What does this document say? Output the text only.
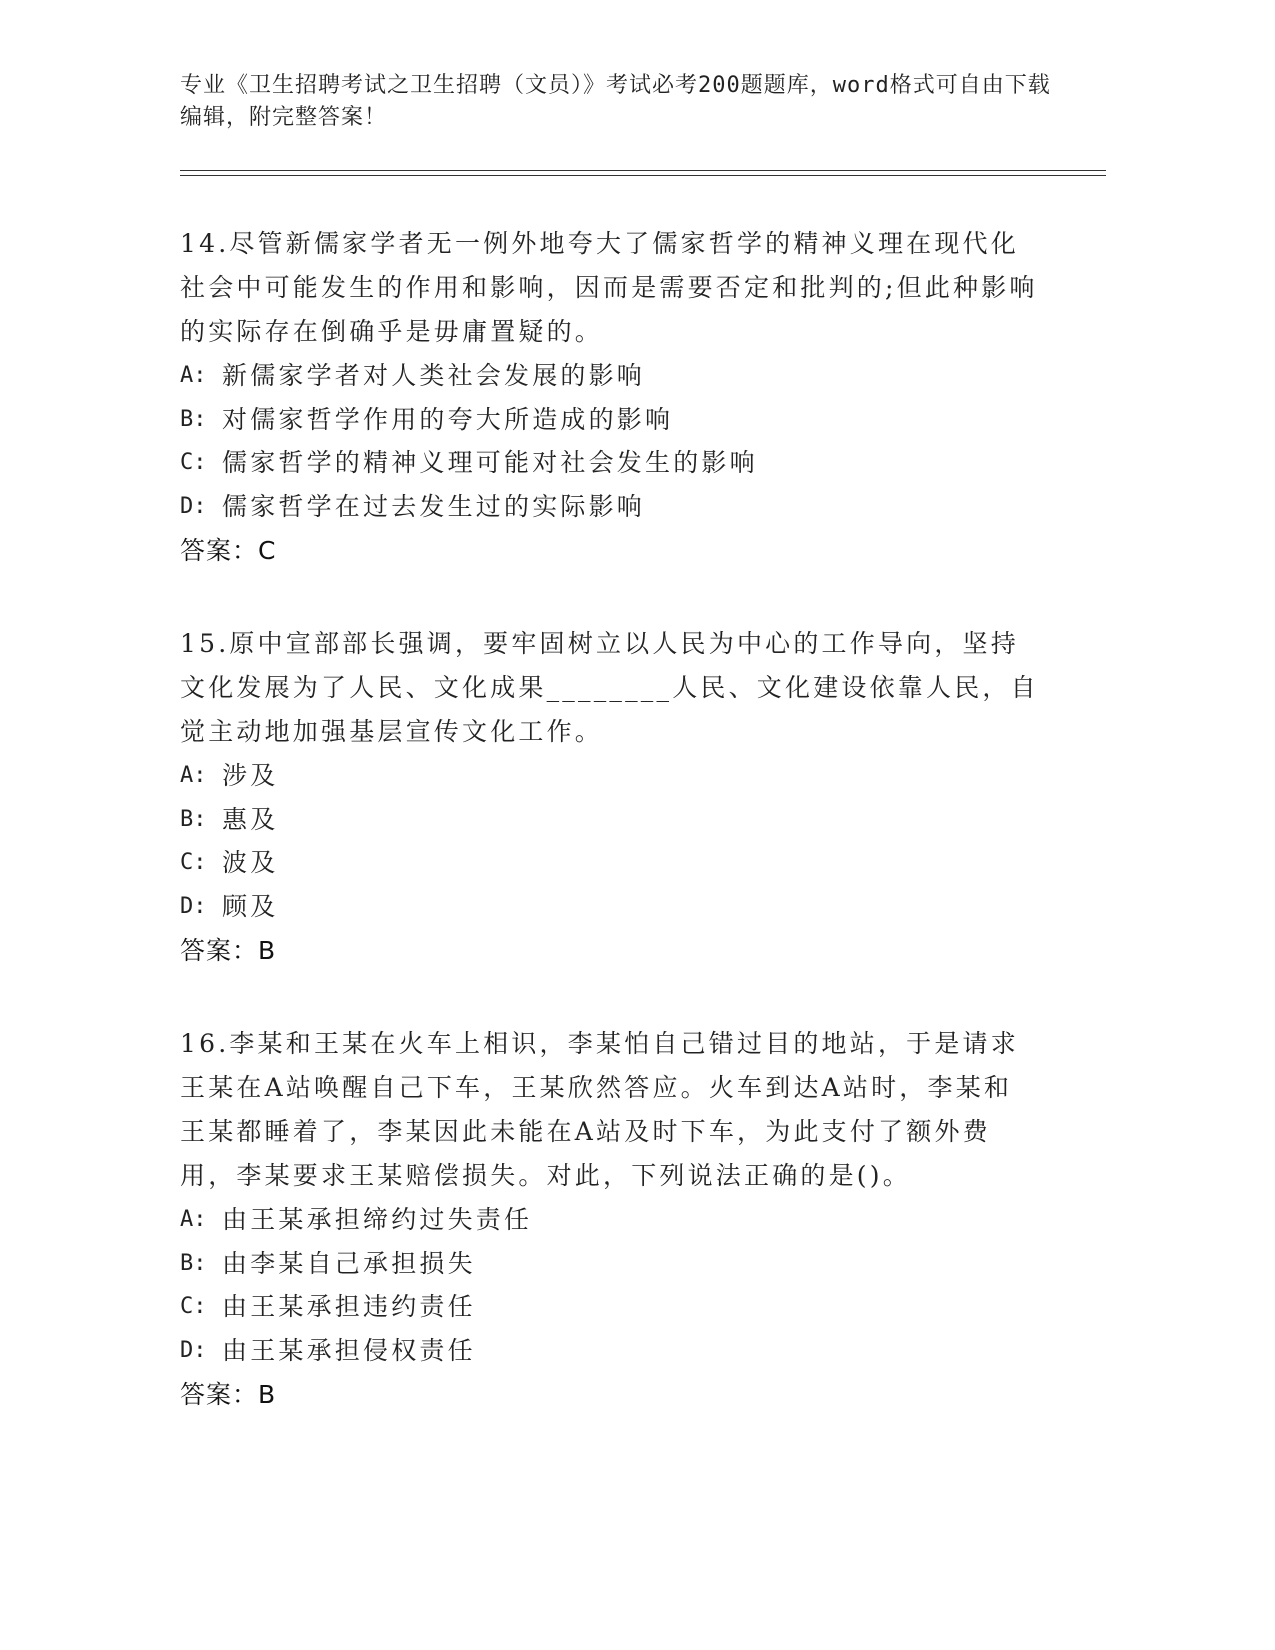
专业《卫生招聘考试之卫生招聘（文员）》考试必考200题题库，word格式可自由下载编辑，附完整答案！

14.尽管新儒家学者无一例外地夸大了儒家哲学的精神义理在现代化社会中可能发生的作用和影响，因而是需要否定和批判的;但此种影响的实际存在倒确乎是毋庸置疑的。

A: 新儒家学者对人类社会发展的影响
B: 对儒家哲学作用的夸大所造成的影响
C: 儒家哲学的精神义理可能对社会发生的影响
D: 儒家哲学在过去发生过的实际影响
答案：C

15.原中宣部部长强调，要牢固树立以人民为中心的工作导向，坚持文化发展为了人民、文化成果________人民、文化建设依靠人民，自觉主动地加强基层宣传文化工作。

A: 涉及
B: 惠及
C: 波及
D: 顾及
答案：B

16.李某和王某在火车上相识，李某怕自己错过目的地站，于是请求王某在A站唤醒自己下车，王某欣然答应。火车到达A站时，李某和王某都睡着了，李某因此未能在A站及时下车，为此支付了额外费用，李某要求王某赔偿损失。对此，下列说法正确的是()。

A: 由王某承担缔约过失责任
B: 由李某自己承担损失
C: 由王某承担违约责任
D: 由王某承担侵权责任
答案：B
